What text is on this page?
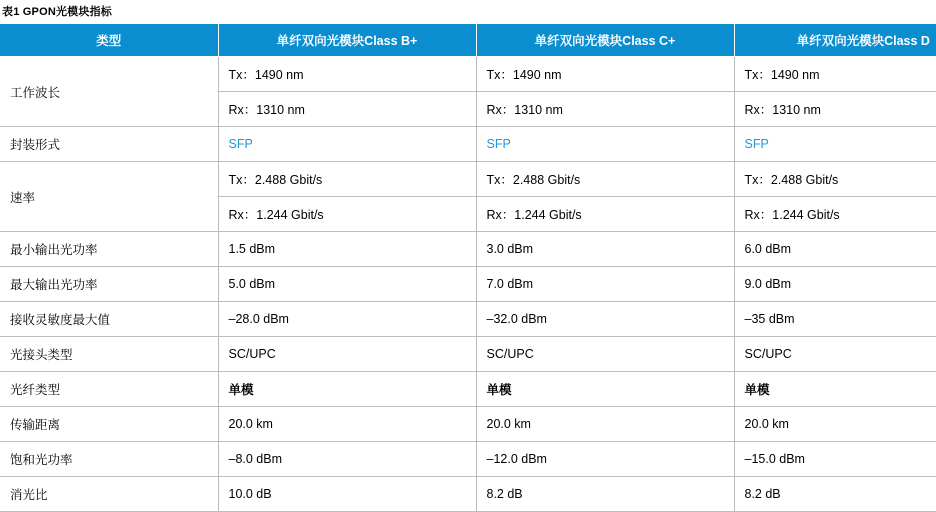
表1 GPON光模块指标
类型	单纤双向光模块Class B+	单纤双向光模块Class C+	单纤双向光模块Class D
工作波长	Tx：1490 nm	Tx：1490 nm	Tx：1490 nm
	Rx：1310 nm	Rx：1310 nm	Rx：1310 nm
封装形式	SFP	SFP	SFP
速率	Tx：2.488 Gbit/s	Tx：2.488 Gbit/s	Tx：2.488 Gbit/s
	Rx：1.244 Gbit/s	Rx：1.244 Gbit/s	Rx：1.244 Gbit/s
最小输出光功率	1.5 dBm	3.0 dBm	6.0 dBm
最大输出光功率	5.0 dBm	7.0 dBm	9.0 dBm
接收灵敏度最大值	–28.0 dBm	–32.0 dBm	–35 dBm
光接头类型	SC/UPC	SC/UPC	SC/UPC
光纤类型	单模	单模	单模
传输距离	20.0 km	20.0 km	20.0 km
饱和光功率	–8.0 dBm	–12.0 dBm	–15.0 dBm
消光比	10.0 dB	8.2 dB	8.2 dB
